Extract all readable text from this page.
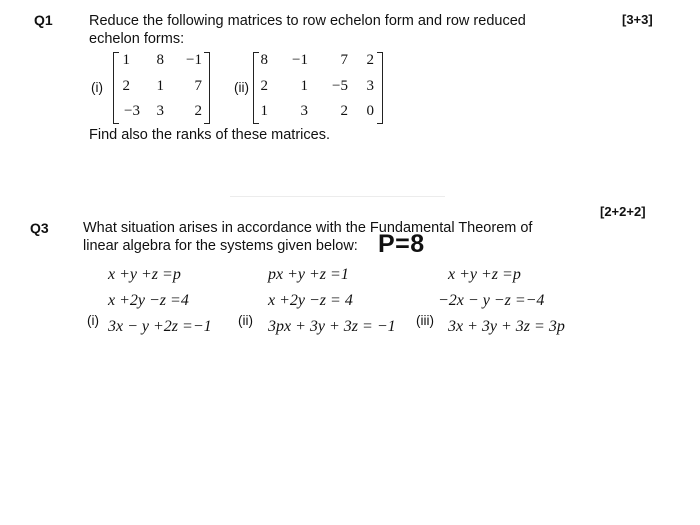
Q1	[3+3]
Reduce the following matrices to row echelon form and row reduced
echelon forms:
(i)
1	8	−1
2	1	7
−3	3	2
(ii)
8	−1	7	2
2	1	−5	3
1	3	2	0
Find also the ranks of these matrices.
[2+2+2]
Q3 What situation arises in accordance with the Fundamental Theorem of
linear algebra for the systems given below: P=8
x +y +z =p
x +2y −z =4
(i) 3x − y +2z =−1
px +y +z =1
x +2y −z = 4
(ii) 3px + 3y + 3z = −1
x +y +z =p
−2x − y −z =−4
(iii) 3x + 3y + 3z = 3p
